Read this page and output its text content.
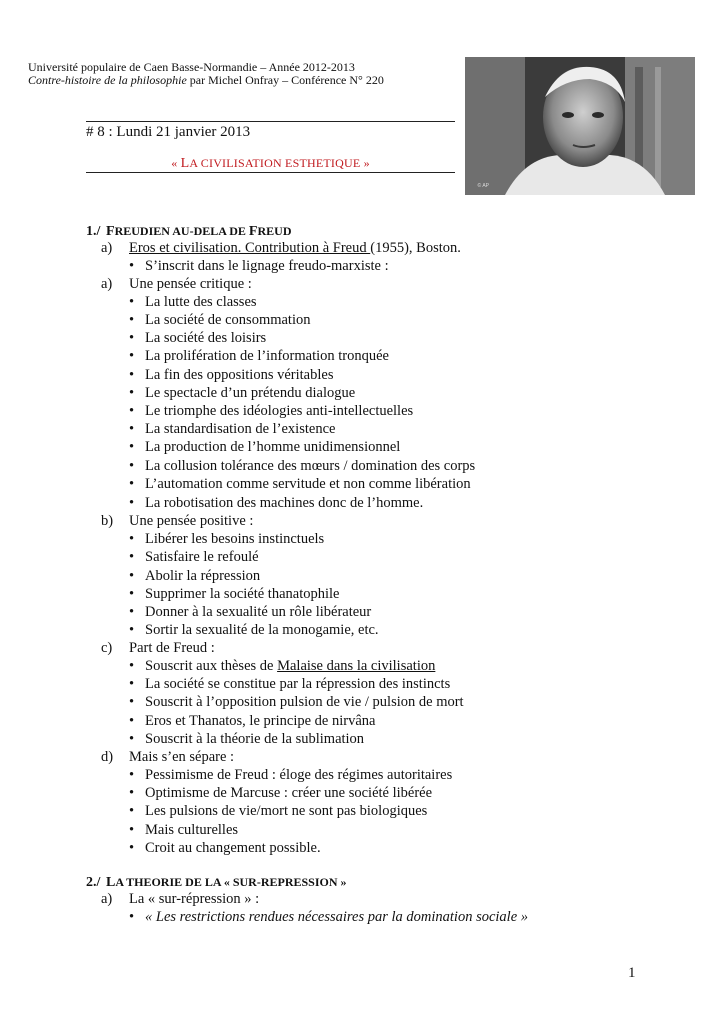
Université populaire de Caen Basse-Normandie – Année 2012-2013
Contre-histoire de la philosophie par Michel Onfray – Conférence N° 220
© AP
# 8 : Lundi 21 janvier 2013
« LA CIVILISATION ESTHETIQUE »
1./ FREUDIEN AU-DELA DE FREUD
a) Eros et civilisation. Contribution à Freud (1955), Boston.
• S’inscrit dans le lignage freudo-marxiste :
a) Une pensée critique :
• La lutte des classes
• La société de consommation
• La société des loisirs
• La prolifération de l’information tronquée
• La fin des oppositions véritables
• Le spectacle d’un prétendu dialogue
• Le triomphe des idéologies anti-intellectuelles
• La standardisation de l’existence
• La production de l’homme unidimensionnel
• La collusion tolérance des mœurs / domination des corps
• L’automation comme servitude et non comme libération
• La robotisation des machines donc de l’homme.
b) Une pensée positive :
• Libérer les besoins instinctuels
• Satisfaire le refoulé
• Abolir la répression
• Supprimer la société thanatophile
• Donner à la sexualité un rôle libérateur
• Sortir la sexualité de la monogamie, etc.
c) Part de Freud :
• Souscrit aux thèses de Malaise dans la civilisation
• La société se constitue par la répression des instincts
• Souscrit à l’opposition pulsion de vie / pulsion de mort
• Eros et Thanatos, le principe de nirvâna
• Souscrit à la théorie de la sublimation
d) Mais s’en sépare :
• Pessimisme de Freud : éloge des régimes autoritaires
• Optimisme de Marcuse : créer une société libérée
• Les pulsions de vie/mort ne sont pas biologiques
• Mais culturelles
• Croit au changement possible.
2./ LA THEORIE DE LA « SUR-REPRESSION »
a) La « sur-répression » :
• « Les restrictions rendues nécessaires par la domination sociale »
1
